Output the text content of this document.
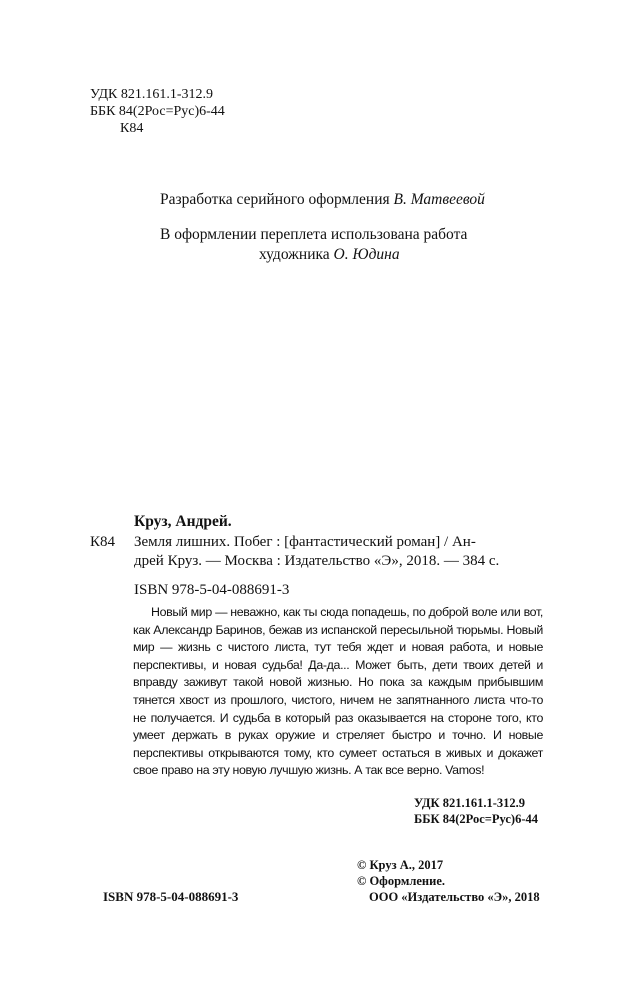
УДК 821.161.1-312.9
ББК 84(2Рос=Рус)6-44
К84
Разработка серийного оформления В. Матвеевой
В оформлении переплета использована работа
художника О. Юдина
Круз, Андрей.
К84 Земля лишних. Побег : [фантастический роман] / Ан-
дрей Круз. — Москва : Издательство «Э», 2018. — 384 с.
ISBN 978-5-04-088691-3

Новый мир — неважно, как ты сюда попадешь, по доброй воле или вот, как Александр Баринов, бежав из испанской пересыльной тюрьмы. Новый мир — жизнь с чистого листа, тут тебя ждет и новая работа, и новые перспективы, и новая судьба! Да-да... Может быть, дети твоих детей и вправду заживут такой новой жизнью. Но пока за каждым прибывшим тянется хвост из прошлого, чистого, ничем не запятнанного листа что-то не получается. И судьба в который раз оказывается на стороне того, кто умеет держать в руках оружие и стреляет быстро и точно. И новые перспективы открываются тому, кто сумеет остаться в живых и докажет свое право на эту новую лучшую жизнь. А так все верно. Vamos!

УДК 821.161.1-312.9
ББК 84(2Рос=Рус)6-44
© Круз А., 2017
© Оформление.
ISBN 978-5-04-088691-3	ООО «Издательство «Э», 2018
